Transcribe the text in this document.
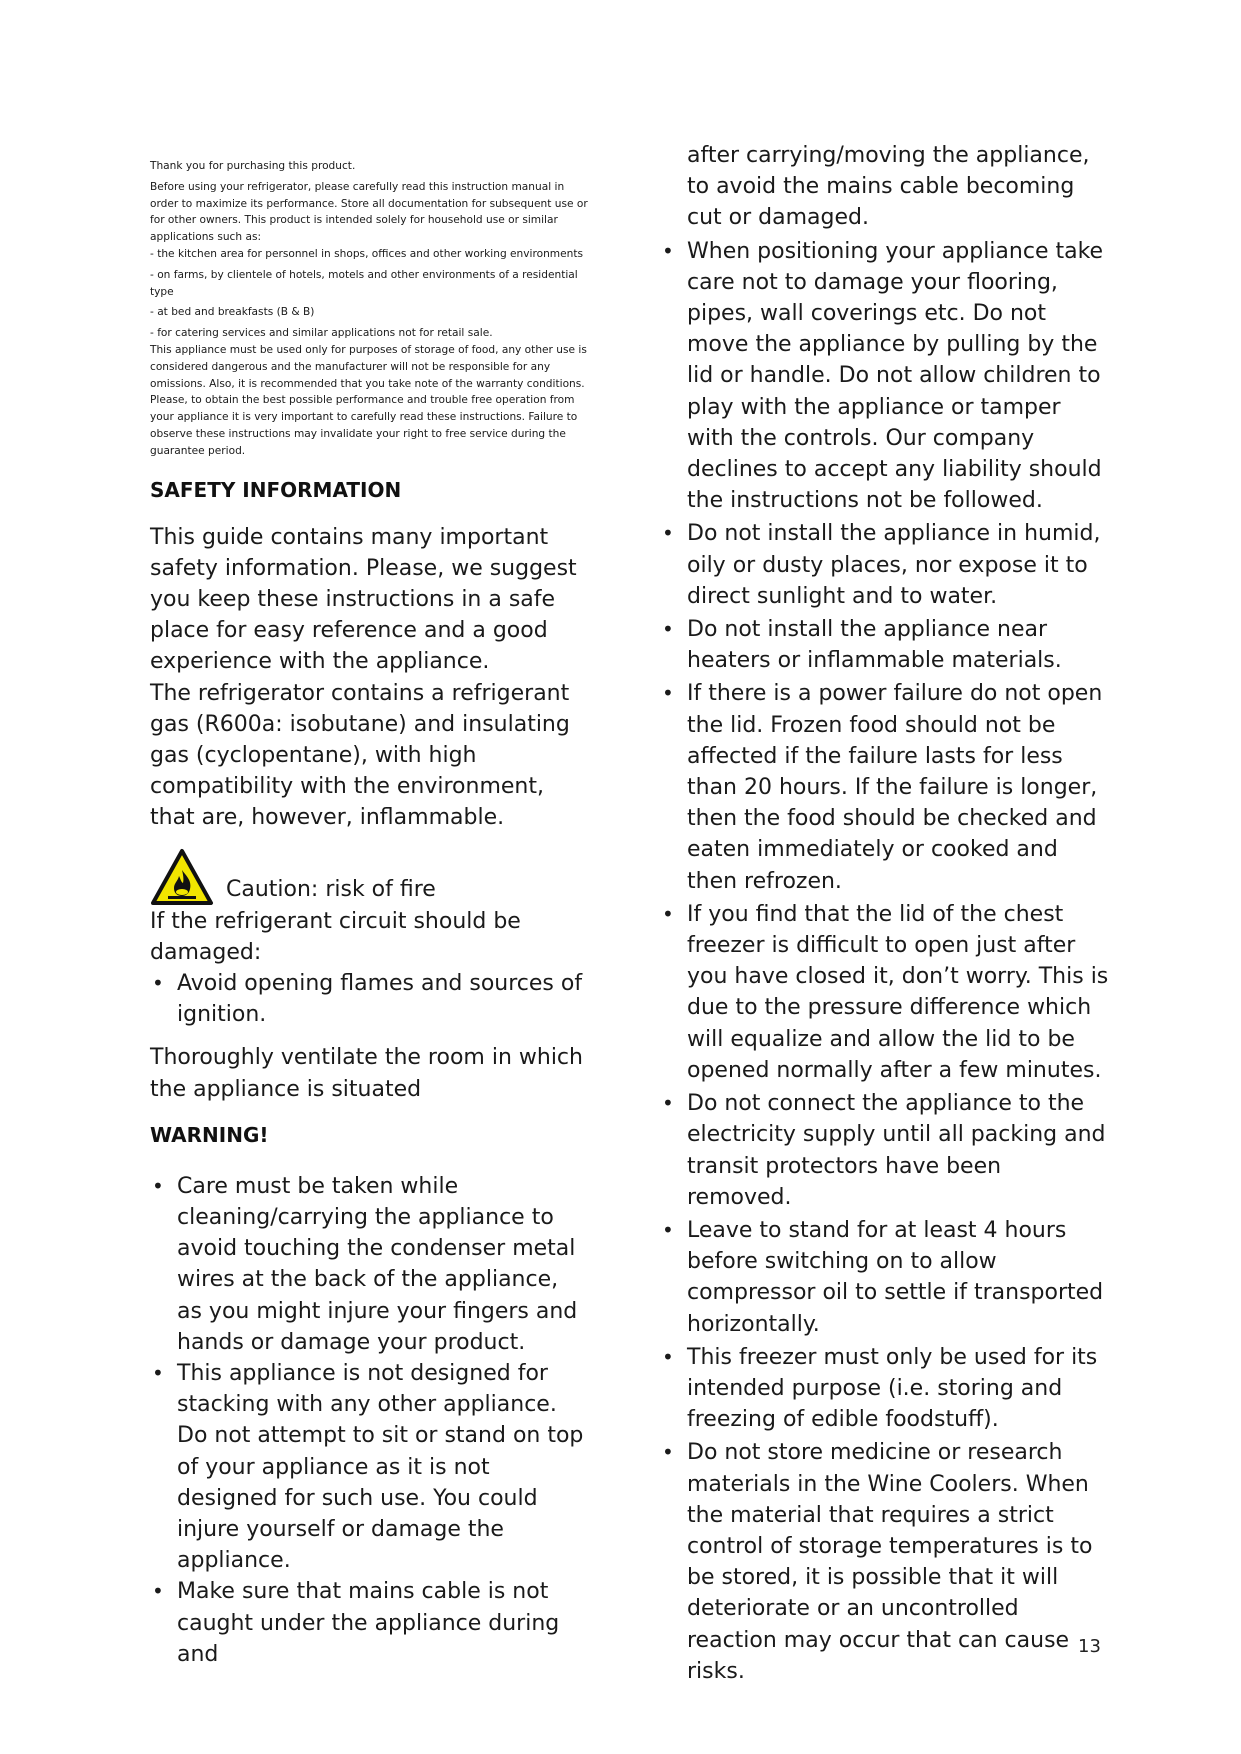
Thank you for purchasing this product.

Before using your refrigerator, please carefully read this instruction manual in order to maximize its performance. Store all documentation for subsequent use or for other owners. This product is intended solely for household use or similar applications such as:

- the kitchen area for personnel in shops, offices and other working environments

- on farms, by clientele of hotels, motels and other environments of a residential type

- at bed and breakfasts (B & B)

- for catering services and similar applications not for retail sale.

This appliance must be used only for purposes of storage of food, any other use is considered dangerous and the manufacturer will not be responsible for any omissions. Also, it is recommended that you take note of the warranty conditions. Please, to obtain the best possible performance and trouble free operation from your appliance it is very important to carefully read these instructions. Failure to observe these instructions may invalidate your right to free service during the guarantee period.

SAFETY INFORMATION

This guide contains many important safety information. Please, we suggest you keep these instructions in a safe place for easy reference and a good experience with the appliance.

The refrigerator contains a refrigerant gas (R600a: isobutane) and insulating gas (cyclopentane), with high compatibility with the environment, that are, however, inflammable.

Caution: risk of fire

If the refrigerant circuit should be damaged:

• Avoid opening flames and sources of ignition.

Thoroughly ventilate the room in which the appliance is situated

WARNING!
• Care must be taken while cleaning/carrying the appliance to avoid touching the condenser metal wires at the back of the appliance, as you might injure your fingers and hands or damage your product.
• This appliance is not designed for stacking with any other appliance. Do not attempt to sit or stand on top of your appliance as it is not designed for such use. You could injure yourself or damage the appliance.
• Make sure that mains cable is not caught under the appliance during and

after carrying/moving the appliance, to avoid the mains cable becoming cut or damaged.

• When positioning your appliance take care not to damage your flooring, pipes, wall coverings etc. Do not move the appliance by pulling by the lid or handle. Do not allow children to play with the appliance or tamper with the controls. Our company declines to accept any liability should the instructions not be followed.
• Do not install the appliance in humid, oily or dusty places, nor expose it to direct sunlight and to water.
• Do not install the appliance near heaters or inflammable materials.
• If there is a power failure do not open the lid. Frozen food should not be affected if the failure lasts for less than 20 hours. If the failure is longer, then the food should be checked and eaten immediately or cooked and then refrozen.
• If you find that the lid of the chest freezer is difficult to open just after you have closed it, don’t worry. This is due to the pressure difference which will equalize and allow the lid to be opened normally after a few minutes.
• Do not connect the appliance to the electricity supply until all packing and transit protectors have been removed.
• Leave to stand for at least 4 hours before switching on to allow compressor oil to settle if transported horizontally.
• This freezer must only be used for its intended purpose (i.e. storing and freezing of edible foodstuff).
• Do not store medicine or research materials in the Wine Coolers. When the material that requires a strict control of storage temperatures is to be stored, it is possible that it will deteriorate or an uncontrolled reaction may occur that can cause risks.
13
